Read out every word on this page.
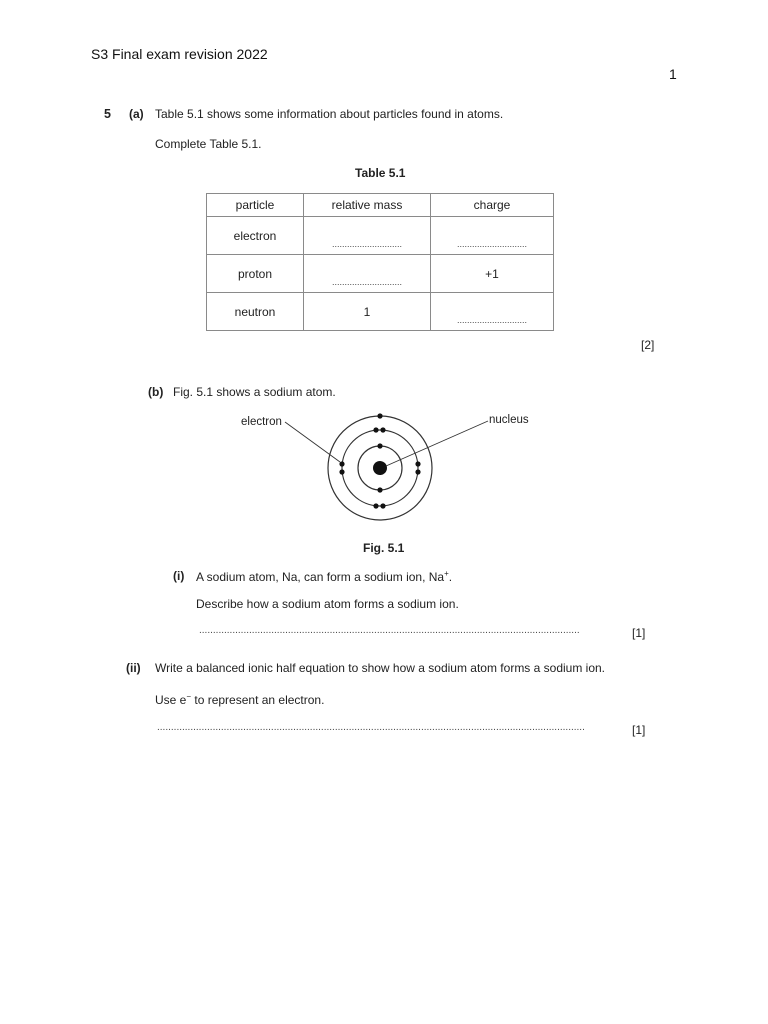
S3 Final exam revision 2022
1
5 (a) Table 5.1 shows some information about particles found in atoms.
Complete Table 5.1.
Table 5.1
particle	relative mass	charge
electron	............................	............................

proton	............................	+1
neutron	1	............................
[2]
(b) Fig. 5.1 shows a sodium atom.
electron	nucleus
Fig. 5.1
(i) A sodium atom, Na, can form a sodium ion, Na+.
Describe how a sodium atom forms a sodium ion.
.........................................................................................................................................	[1]
(ii) Write a balanced ionic half equation to show how a sodium atom forms a sodium ion.
Use e− to represent an electron.
..........................................................................................................................................................	[1]
